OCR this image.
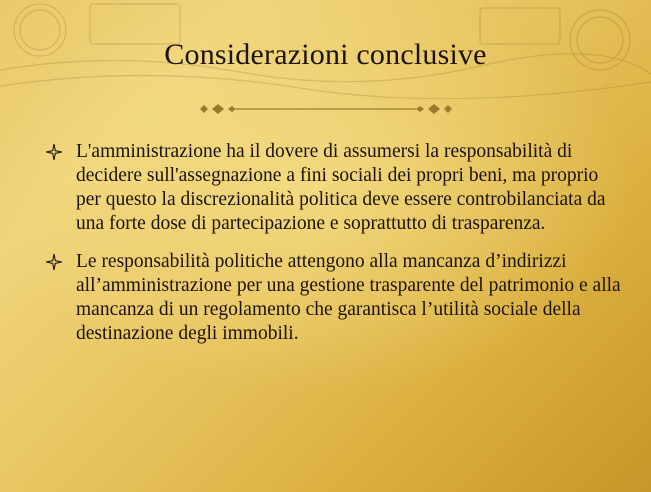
Considerazioni conclusive
L'amministrazione ha il dovere di assumersi la responsabilità di decidere sull'assegnazione a fini sociali dei propri beni, ma proprio per questo la discrezionalità politica deve essere controbilanciata da una forte dose di partecipazione e soprattutto di trasparenza.
Le responsabilità politiche attengono alla mancanza d’indirizzi all’amministrazione per una gestione trasparente del patrimonio e alla mancanza di un regolamento che garantisca l’utilità sociale della destinazione degli immobili.
